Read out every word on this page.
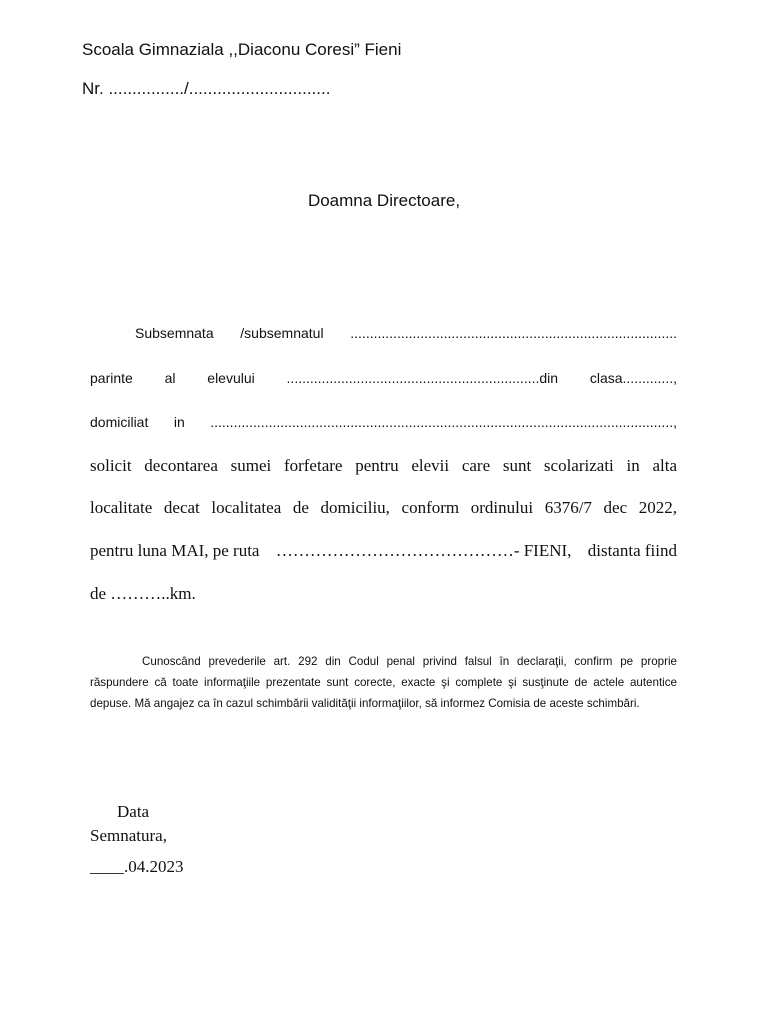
Scoala Gimnaziala ,,Diaconu Coresi” Fieni
Nr. ................/..............................
Doamna Directoare,
Subsemnata /subsemnatul ....................................................................................
parinte al elevului .................................................................din clasa.............,
domiciliat in .......................................................................................................................,
solicit decontarea sumei forfetare pentru elevii care sunt scolarizati in alta
localitate decat localitatea de domiciliu, conform ordinului 6376/7 dec 2022,
pentru luna MAI, pe ruta ……………………………………- FIENI, distanta fiind
de ………..km.
Cunoscând prevederile art. 292 din Codul penal privind falsul în declaraţii, confirm pe proprie răspundere că toate informaţiile prezentate sunt corecte, exacte şi complete şi susţinute de actele autentice depuse. Mă angajez ca în cazul schimbării validităţii informaţiilor, să informez Comisia de aceste schimbări.
Data
Semnatura,
____.04.2023
